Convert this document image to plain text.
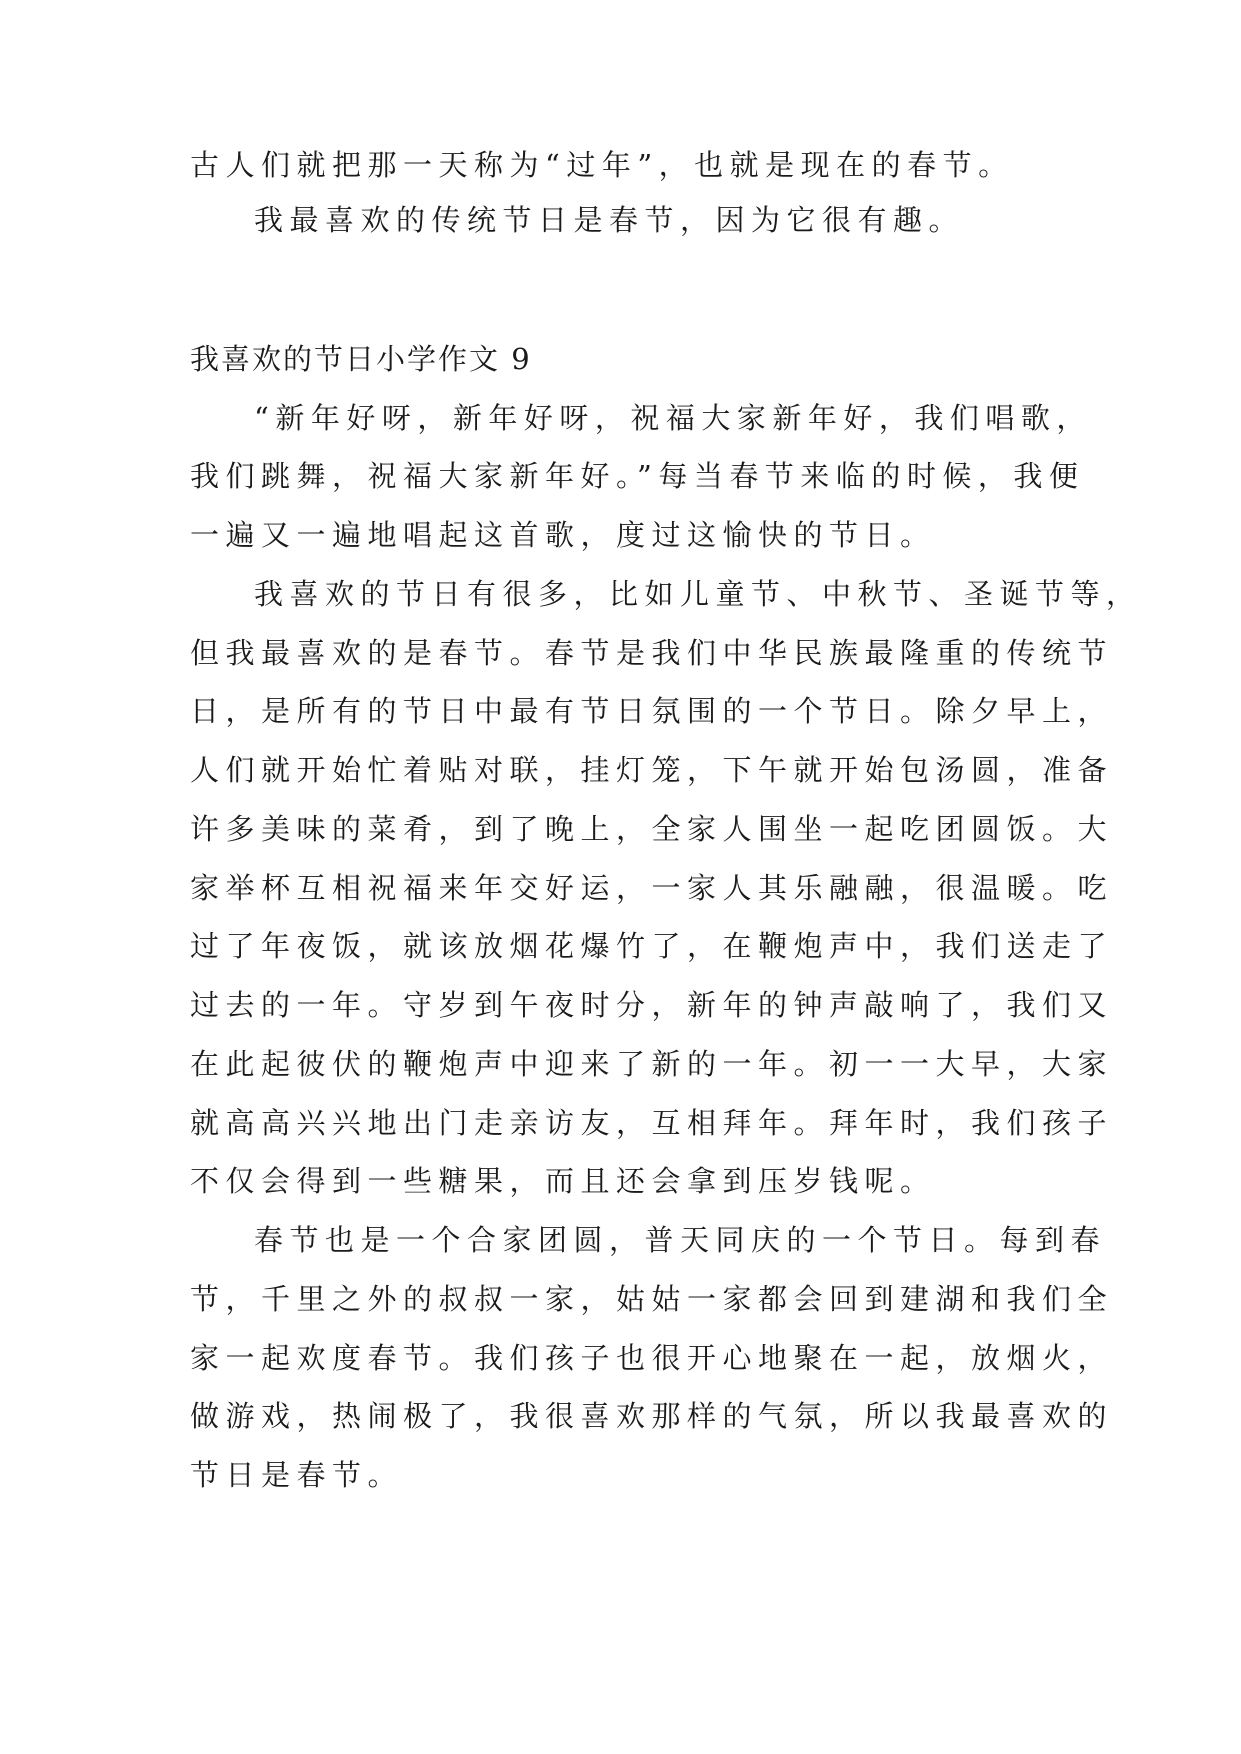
古人们就把那一天称为“过年”，也就是现在的春节。
我最喜欢的传统节日是春节，因为它很有趣。
我喜欢的节日小学作文 9
“新年好呀，新年好呀，祝福大家新年好，我们唱歌，
我们跳舞，祝福大家新年好。”每当春节来临的时候，我便
一遍又一遍地唱起这首歌，度过这愉快的节日。
我喜欢的节日有很多，比如儿童节、中秋节、圣诞节等，
但我最喜欢的是春节。春节是我们中华民族最隆重的传统节
日，是所有的节日中最有节日氛围的一个节日。除夕早上，
人们就开始忙着贴对联，挂灯笼，下午就开始包汤圆，准备
许多美味的菜肴，到了晚上，全家人围坐一起吃团圆饭。大
家举杯互相祝福来年交好运，一家人其乐融融，很温暖。吃
过了年夜饭，就该放烟花爆竹了，在鞭炮声中，我们送走了
过去的一年。守岁到午夜时分，新年的钟声敲响了，我们又
在此起彼伏的鞭炮声中迎来了新的一年。初一一大早，大家
就高高兴兴地出门走亲访友，互相拜年。拜年时，我们孩子
不仅会得到一些糖果，而且还会拿到压岁钱呢。
春节也是一个合家团圆，普天同庆的一个节日。每到春
节，千里之外的叔叔一家，姑姑一家都会回到建湖和我们全
家一起欢度春节。我们孩子也很开心地聚在一起，放烟火，
做游戏，热闹极了，我很喜欢那样的气氛，所以我最喜欢的
节日是春节。
